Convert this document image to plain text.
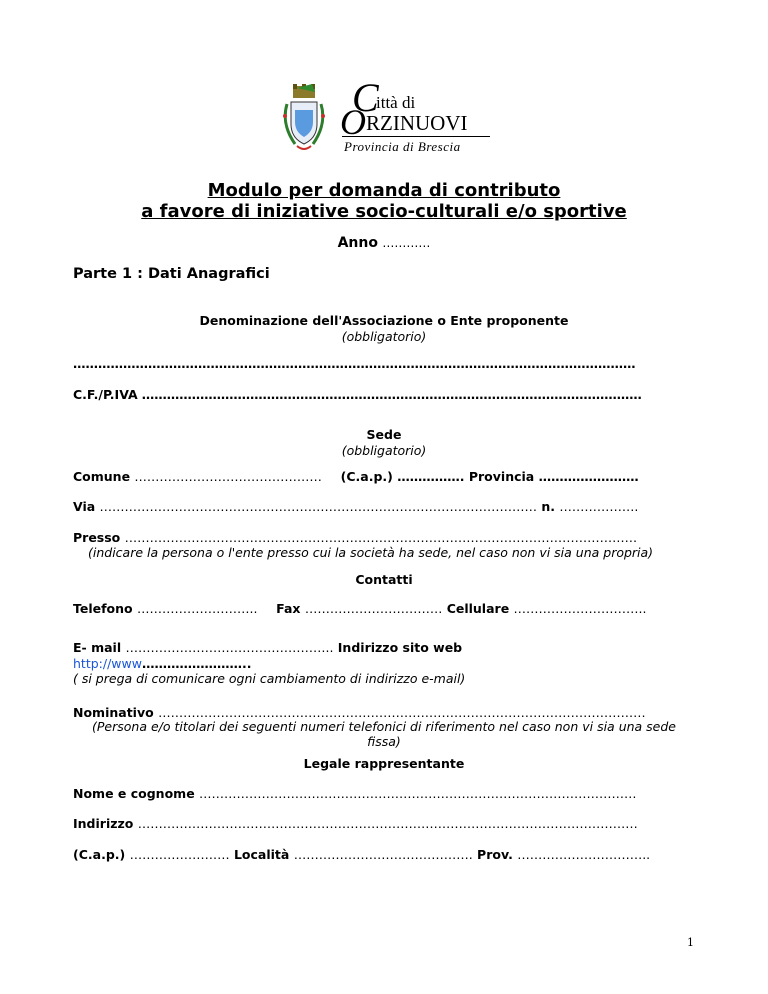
C
ittà di
O RZINUOVI
Provincia di Brescia
Modulo per domanda di contributo
a favore di iniziative socio-culturali e/o sportive
Anno …………
Parte 1 : Dati Anagrafici
Denominazione dell'Associazione o Ente proponente
(obbligatorio)
………………………………………………………………………………………………………………………
C.F./P.IVA …………………………………………………………………………………………………………
Sede
(obbligatorio)
Comune ……………………………………… (C.a.p.) ……………. Provincia ……………………
Via …………………………………………………………………………………………… n. ……………….
Presso ……………………………………………………………………………………………………………
(indicare la persona o l'ente presso cui la società ha sede, nel caso non vi sia una propria)
Contatti
Telefono ……………………….. Fax …………………………… Cellulare …………………………..
E- mail ………………………………………….. Indirizzo sito web
http://www……………………..
( si prega di comunicare ogni cambiamento di indirizzo e-mail)
Nominativo ………………………………………………………………………………………………………
(Persona e/o titolari dei seguenti numeri telefonici di riferimento nel caso non vi sia una sede
fissa)
Legale rappresentante
Nome e cognome ……………………………………………………………………………………………
Indirizzo …………………………………………………………………………………………………………
(C.a.p.) …………………… Località ……………………………………. Prov. …………………………..
1
